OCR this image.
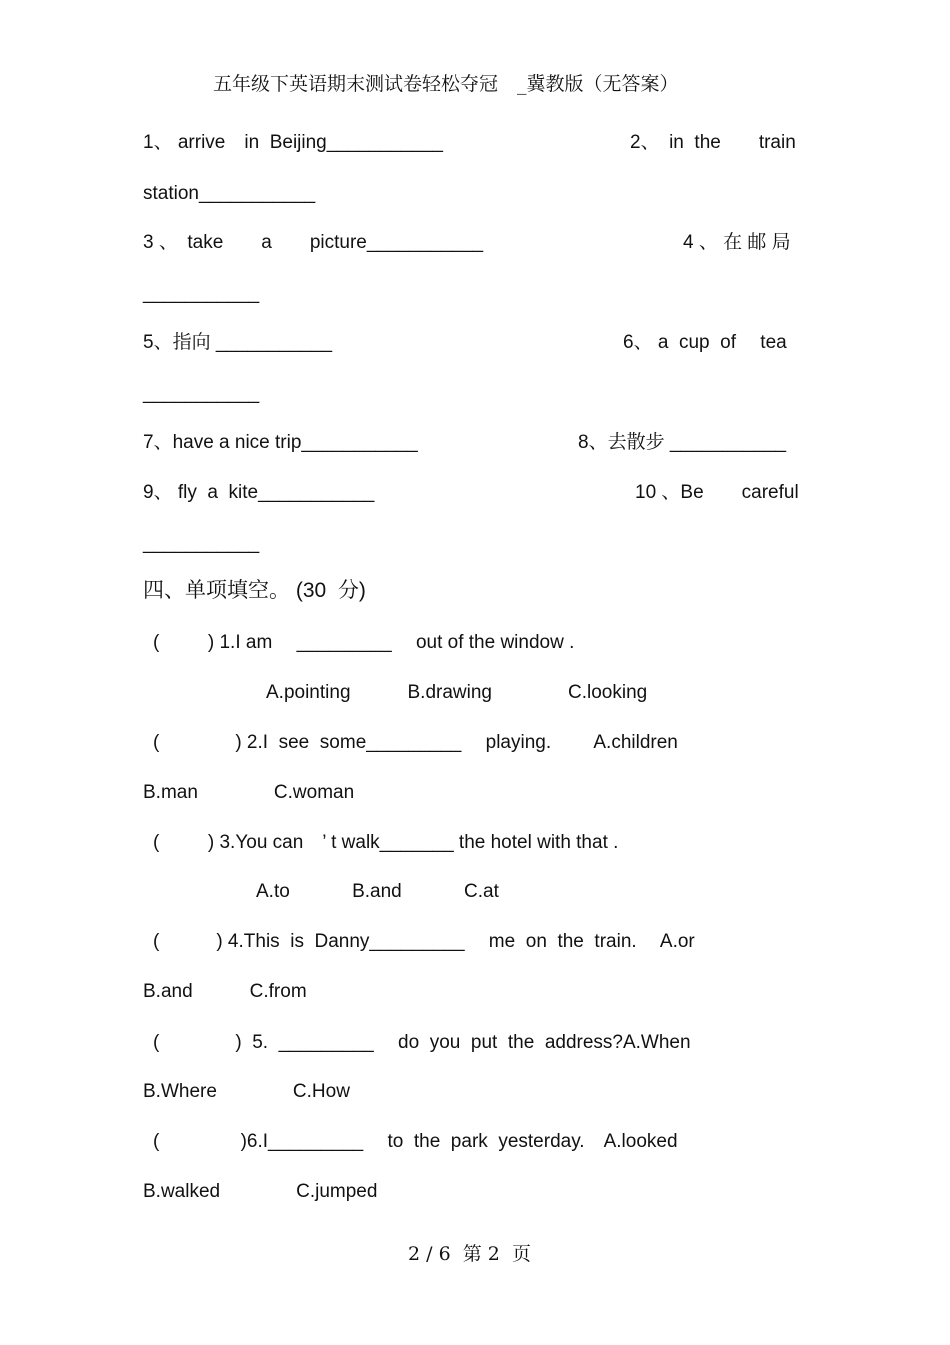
五年级下英语期末测试卷轻松夺冠　_冀教版（无答案）
1、 arrive　in  Beijing___________	2、　in  the　　train
station___________
3 、　take　　a　　picture___________	4 、 在 邮 局
___________
5、指向 ___________	6、 a  cup  of　 tea
___________
7、have a nice trip___________	8、去散步 ___________
9、 fly  a  kite___________	10 、Be　　careful
___________
四、单项填空。 (30  分)
(　　  ) 1.I am　 _________　 out of the window .
A.pointing　　　B.drawing　　　　C.looking
(　　　　) 2.I  see  some_________　 playing.　　 A.children
B.man　　　　C.woman
(　　  ) 3.You can　’ t walk_______ the hotel with that .
A.to　　　 B.and　　　 C.at
(　　　) 4.This  is  Danny_________　 me  on  the  train.　 A.or
B.and　　　C.from
(　　　　)  5.  _________　 do  you  put  the  address?A.When
B.Where　　　　C.How
(　　　　 )6.I_________　 to  the  park  yesterday.　A.looked
B.walked　　　　C.jumped
2 / 6  第 2  页
